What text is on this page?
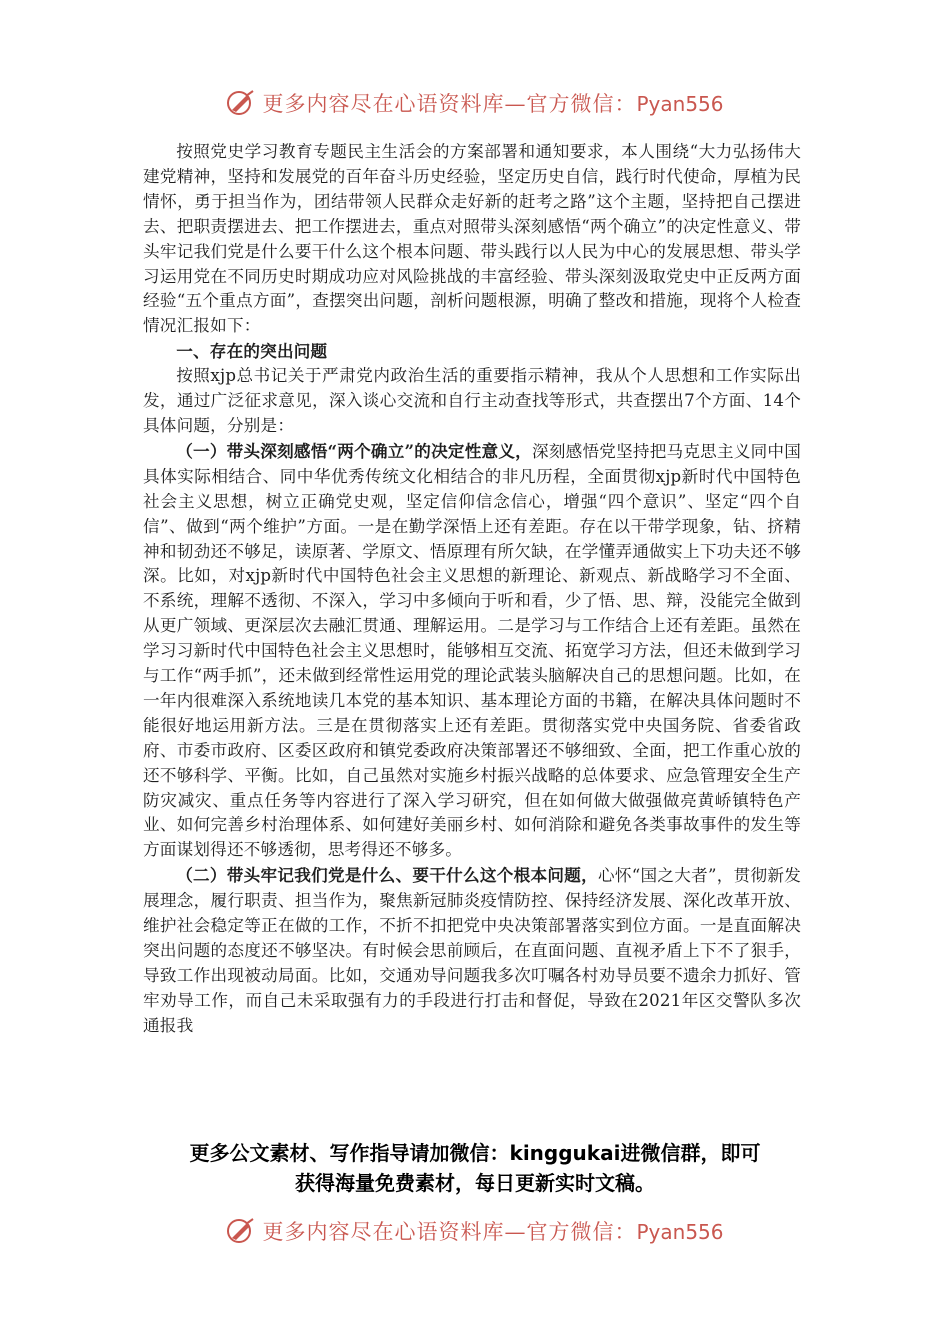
更多内容尽在心语资料库—官方微信：Pyan556

按照党史学习教育专题民主生活会的方案部署和通知要求，本人围绕“大力弘扬伟大建党精神，坚持和发展党的百年奋斗历史经验，坚定历史自信，践行时代使命，厚植为民情怀，勇于担当作为，团结带领人民群众走好新的赶考之路”这个主题，坚持把自己摆进去、把职责摆进去、把工作摆进去，重点对照带头深刻感悟“两个确立”的决定性意义、带头牢记我们党是什么要干什么这个根本问题、带头践行以人民为中心的发展思想、带头学习运用党在不同历史时期成功应对风险挑战的丰富经验、带头深刻汲取党史中正反两方面经验“五个重点方面”，查摆突出问题，剖析问题根源，明确了整改和措施，现将个人检查情况汇报如下：

一、存在的突出问题

按照xjp总书记关于严肃党内政治生活的重要指示精神，我从个人思想和工作实际出发，通过广泛征求意见，深入谈心交流和自行主动查找等形式，共查摆出7个方面、14个具体问题，分别是：

（一）带头深刻感悟“两个确立”的决定性意义，深刻感悟党坚持把马克思主义同中国具体实际相结合、同中华优秀传统文化相结合的非凡历程，全面贯彻xjp新时代中国特色社会主义思想，树立正确党史观，坚定信仰信念信心，增强“四个意识”、坚定“四个自信”、做到“两个维护”方面。一是在勤学深悟上还有差距。存在以干带学现象，钻、挤精神和韧劲还不够足，读原著、学原文、悟原理有所欠缺，在学懂弄通做实上下功夫还不够深。比如，对xjp新时代中国特色社会主义思想的新理论、新观点、新战略学习不全面、不系统，理解不透彻、不深入，学习中多倾向于听和看，少了悟、思、辩，没能完全做到从更广领域、更深层次去融汇贯通、理解运用。二是学习与工作结合上还有差距。虽然在学习习新时代中国特色社会主义思想时，能够相互交流、拓宽学习方法，但还未做到学习与工作“两手抓”，还未做到经常性运用党的理论武装头脑解决自己的思想问题。比如，在一年内很难深入系统地读几本党的基本知识、基本理论方面的书籍，在解决具体问题时不能很好地运用新方法。三是在贯彻落实上还有差距。贯彻落实党中央国务院、省委省政府、市委市政府、区委区政府和镇党委政府决策部署还不够细致、全面，把工作重心放的还不够科学、平衡。比如，自己虽然对实施乡村振兴战略的总体要求、应急管理安全生产防灾减灾、重点任务等内容进行了深入学习研究，但在如何做大做强做亮黄峤镇特色产业、如何完善乡村治理体系、如何建好美丽乡村、如何消除和避免各类事故事件的发生等方面谋划得还不够透彻，思考得还不够多。

（二）带头牢记我们党是什么、要干什么这个根本问题，心怀“国之大者”，贯彻新发展理念，履行职责、担当作为，聚焦新冠肺炎疫情防控、保持经济发展、深化改革开放、维护社会稳定等正在做的工作，不折不扣把党中央决策部署落实到位方面。一是直面解决突出问题的态度还不够坚决。有时候会思前顾后，在直面问题、直视矛盾上下不了狠手，导致工作出现被动局面。比如，交通劝导问题我多次叮嘱各村劝导员要不遗余力抓好、管牢劝导工作，而自己未采取强有力的手段进行打击和督促，导致在2021年区交警队多次通报我

更多公文素材、写作指导请加微信：kinggukai进微信群，即可
获得海量免费素材，每日更新实时文稿。
更多内容尽在心语资料库—官方微信：Pyan556
